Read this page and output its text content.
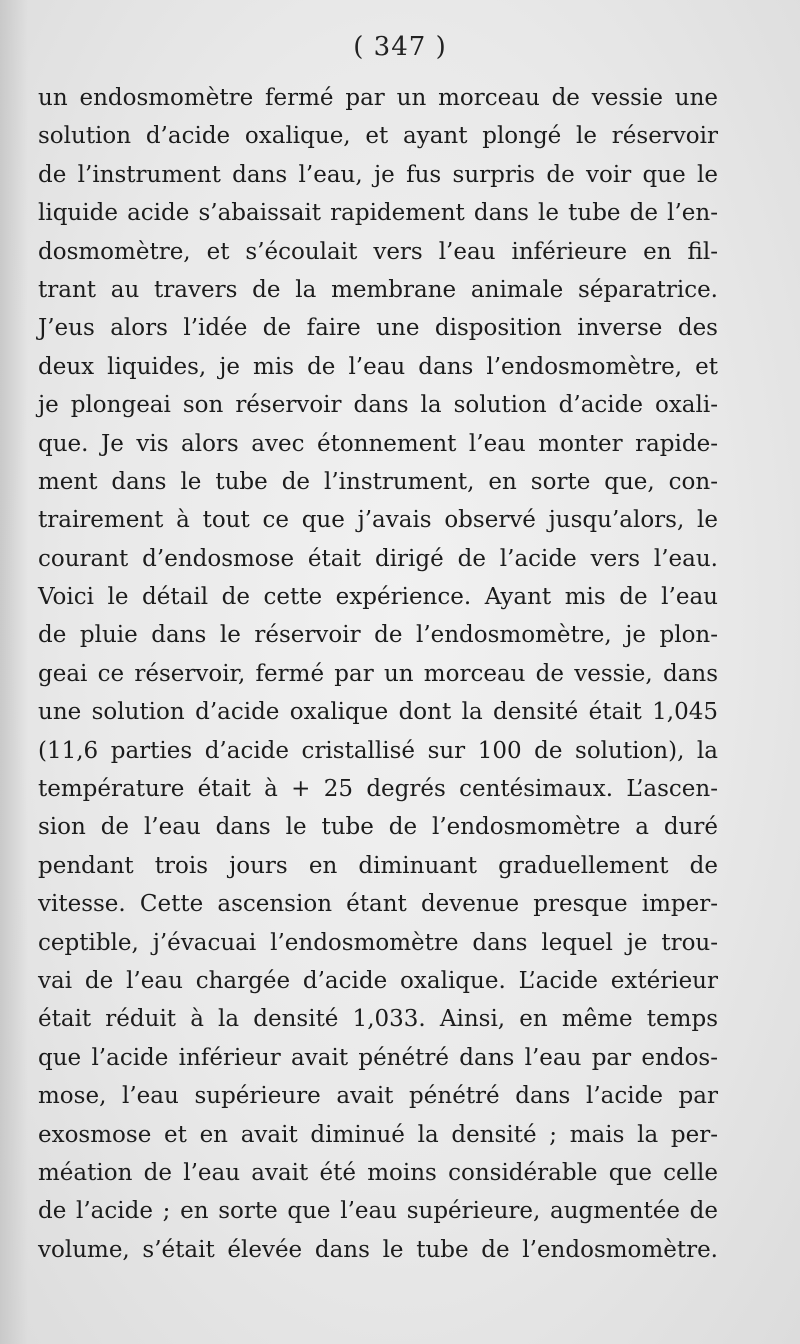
( 347 )
un endosmomètre fermé par un morceau de vessie une
solution d’acide oxalique, et ayant plongé le réservoir
de l’instrument dans l’eau, je fus surpris de voir que le
liquide acide s’abaissait rapidement dans le tube de l’en-
dosmomètre, et s’écoulait vers l’eau inférieure en fil-
trant au travers de la membrane animale séparatrice.
J’eus alors l’idée de faire une disposition inverse des
deux liquides, je mis de l’eau dans l’endosmomètre, et
je plongeai son réservoir dans la solution d’acide oxali-
que. Je vis alors avec étonnement l’eau monter rapide-
ment dans le tube de l’instrument, en sorte que, con-
trairement à tout ce que j’avais observé jusqu’alors, le
courant d’endosmose était dirigé de l’acide vers l’eau.
Voici le détail de cette expérience. Ayant mis de l’eau
de pluie dans le réservoir de l’endosmomètre, je plon-
geai ce réservoir, fermé par un morceau de vessie, dans
une solution d’acide oxalique dont la densité était 1,045
(11,6 parties d’acide cristallisé sur 100 de solution), la
température était à + 25 degrés centésimaux. L’ascen-
sion de l’eau dans le tube de l’endosmomètre a duré
pendant trois jours en diminuant graduellement de
vitesse. Cette ascension étant devenue presque imper-
ceptible, j’évacuai l’endosmomètre dans lequel je trou-
vai de l’eau chargée d’acide oxalique. L’acide extérieur
était réduit à la densité 1,033. Ainsi, en même temps
que l’acide inférieur avait pénétré dans l’eau par endos-
mose, l’eau supérieure avait pénétré dans l’acide par
exosmose et en avait diminué la densité ; mais la per-
méation de l’eau avait été moins considérable que celle
de l’acide ; en sorte que l’eau supérieure, augmentée de
volume, s’était élevée dans le tube de l’endosmomètre.
